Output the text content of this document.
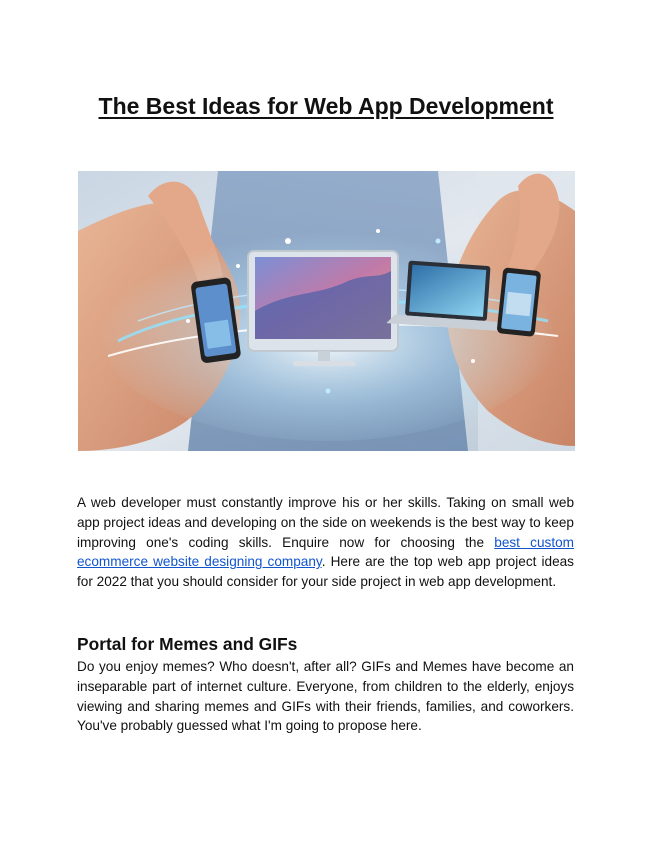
The Best Ideas for Web App Development

A web developer must constantly improve his or her skills. Taking on small web app project ideas and developing on the side on weekends is the best way to keep improving one's coding skills. Enquire now for choosing the best custom ecommerce website designing company. Here are the top web app project ideas for 2022 that you should consider for your side project in web app development.

Portal for Memes and GIFs

Do you enjoy memes? Who doesn't, after all? GIFs and Memes have become an inseparable part of internet culture. Everyone, from children to the elderly, enjoys viewing and sharing memes and GIFs with their friends, families, and coworkers. You've probably guessed what I'm going to propose here.
